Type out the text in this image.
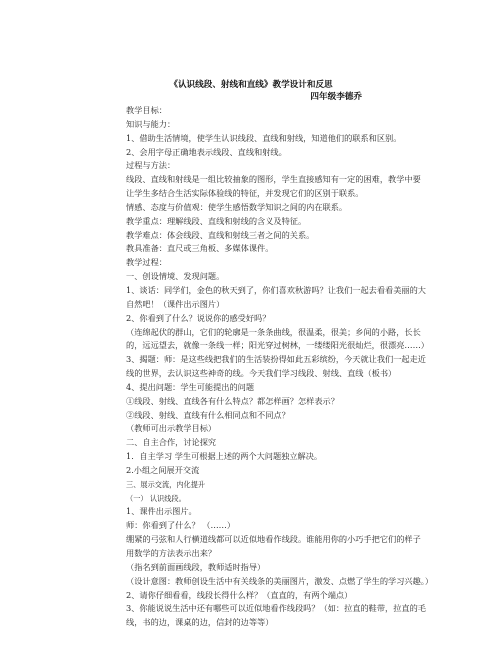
《认识线段、射线和直线》教学设计和反思
四年级李德乔
教学目标：
知识与能力：
1、借助生活情境，使学生认识线段、直线和射线，知道他们的联系和区别。
2、会用字母正确地表示线段、直线和射线。
过程与方法：
线段、直线和射线是一组比较抽象的图形，学生直接感知有一定的困难，教学中要
让学生多结合生活实际体验线的特征，并发现它们的区别于联系。
情感、态度与价值观：使学生感悟数学知识之间的内在联系。
教学重点：理解线段、直线和射线的含义及特征。
教学难点：体会线段、直线和射线三者之间的关系。
教具准备：直尺或三角板、多媒体课件。
教学过程：
一、创设情境、发现问题。
1、谈话：同学们，金色的秋天到了，你们喜欢秋游吗？让我们一起去看看美丽的大
自然吧！（课件出示图片）
2、你看到了什么？说说你的感受好吗？
（连绵起伏的群山，它们的轮廓是一条条曲线，很温柔，很美；乡间的小路，长长
的，远远望去，就像一条线一样；阳光穿过树林，一缕缕阳光很灿烂，很漂亮……）
3、揭题：师：是这些线把我们的生活装扮得如此五彩缤纷，今天就让我们一起走近
线的世界，去认识这些神奇的线。今天我们学习线段、射线、直线（板书）
4、提出问题：学生可能提出的问题
①线段、射线、直线各有什么特点？都怎样画？怎样表示？
②线段、射线、直线有什么相同点和不同点？
（教师可出示教学目标）
二、自主合作，讨论探究
1．自主学习 学生可根据上述的两个大问题独立解决。
2.小组之间展开交流
三、展示交流，内化提升
（一） 认识线段。
1、课件出示图片。
师：你看到了什么？ （……）
绷紧的弓弦和人行横道线都可以近似地看作线段。谁能用你的小巧手把它们的样子
用数学的方法表示出来？
（指名到前面画线段，教师适时指导）
（设计意图：教师创设生活中有关线条的美丽图片，激发、点燃了学生的学习兴趣。）
2、请你仔细看看，线段长得什么样？（直直的，有两个端点）
3、你能说说生活中还有哪些可以近似地看作线段吗？（如：拉直的鞋带，拉直的毛
线，书的边，课桌的边，信封的边等等）
